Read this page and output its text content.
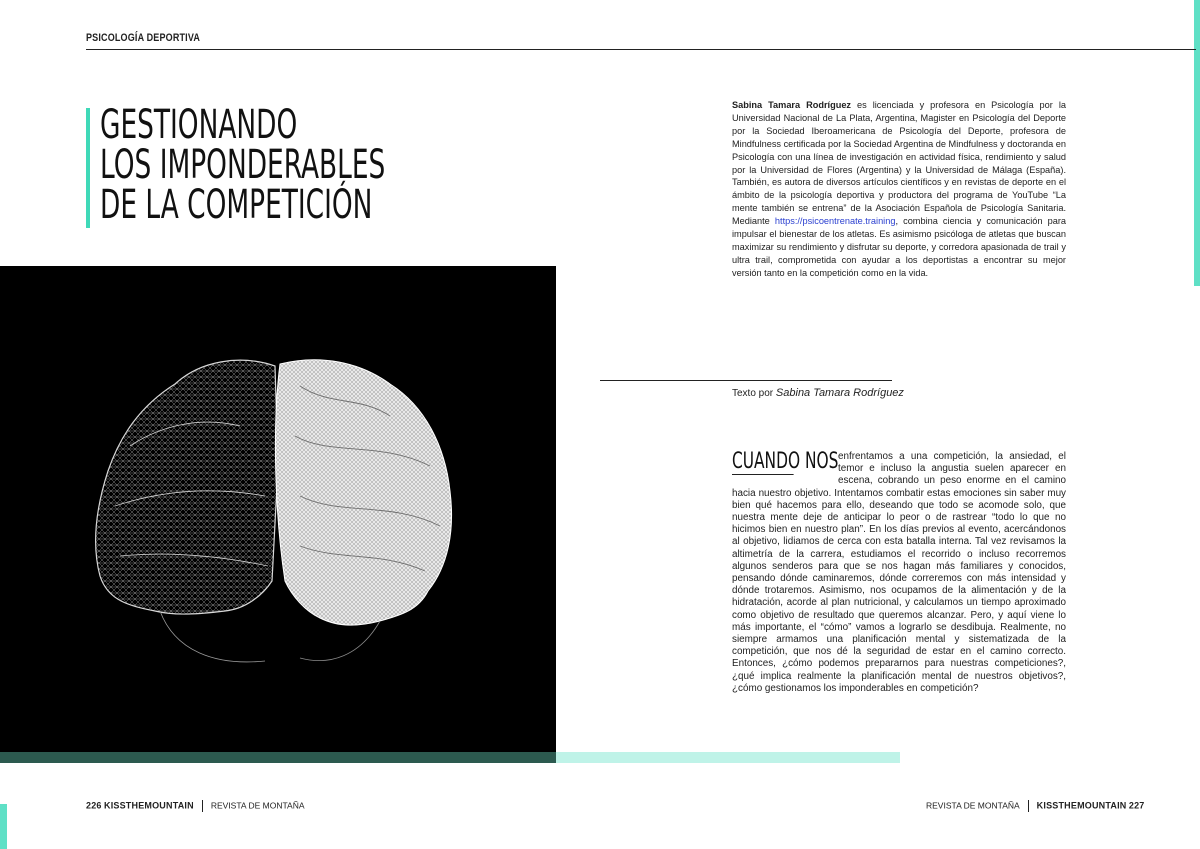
PSICOLOGÍA DEPORTIVA
GESTIONANDO
LOS IMPONDERABLES
DE LA COMPETICIÓN
Sabina Tamara Rodríguez es licenciada y profesora en Psicología por la Universidad Nacional de La Plata, Argentina, Magister en Psicología del Deporte por la Sociedad Iberoamericana de Psicología del Deporte, profesora de Mindfulness certificada por la Sociedad Argentina de Mindfulness y doctoranda en Psicología con una línea de investigación en actividad física, rendimiento y salud por la Universidad de Flores (Argentina) y la Universidad de Málaga (España). También, es autora de diversos artículos científicos y en revistas de deporte en el ámbito de la psicología deportiva y productora del programa de YouTube “La mente también se entrena” de la Asociación Española de Psicología Sanitaria. Mediante https://psicoentrenate.training, combina ciencia y comunicación para impulsar el bienestar de los atletas. Es asimismo psicóloga de atletas que buscan maximizar su rendimiento y disfrutar su deporte, y corredora apasionada de trail y ultra trail, comprometida con ayudar a los deportistas a encontrar su mejor versión tanto en la competición como en la vida.
Texto por Sabina Tamara Rodríguez
CUANDO NOS enfrentamos a una competición, la ansiedad, el temor e incluso la angustia suelen aparecer en escena, cobrando un peso enorme en el camino hacia nuestro objetivo. Intentamos combatir estas emociones sin saber muy bien qué hacemos para ello, deseando que todo se acomode solo, que nuestra mente deje de anticipar lo peor o de rastrear “todo lo que no hicimos bien en nuestro plan”. En los días previos al evento, acercándonos al objetivo, lidiamos de cerca con esta batalla interna. Tal vez revisamos la altimetría de la carrera, estudiamos el recorrido o incluso recorremos algunos senderos para que se nos hagan más familiares y conocidos, pensando dónde caminaremos, dónde correremos con más intensidad y dónde trotaremos. Asimismo, nos ocupamos de la alimentación y de la hidratación, acorde al plan nutricional, y calculamos un tiempo aproximado como objetivo de resultado que queremos alcanzar. Pero, y aquí viene lo más importante, el “cómo” vamos a lograrlo se desdibuja. Realmente, no siempre armamos una planificación mental y sistematizada de la competición, que nos dé la seguridad de estar en el camino correcto. Entonces, ¿cómo podemos prepararnos para nuestras competiciones?, ¿qué implica realmente la planificación mental de nuestros objetivos?, ¿cómo gestionamos los imponderables en competición?
226 KISSTHEMOUNTAIN REVISTA DE MONTAÑA	REVISTA DE MONTAÑA KISSTHEMOUNTAIN 227
